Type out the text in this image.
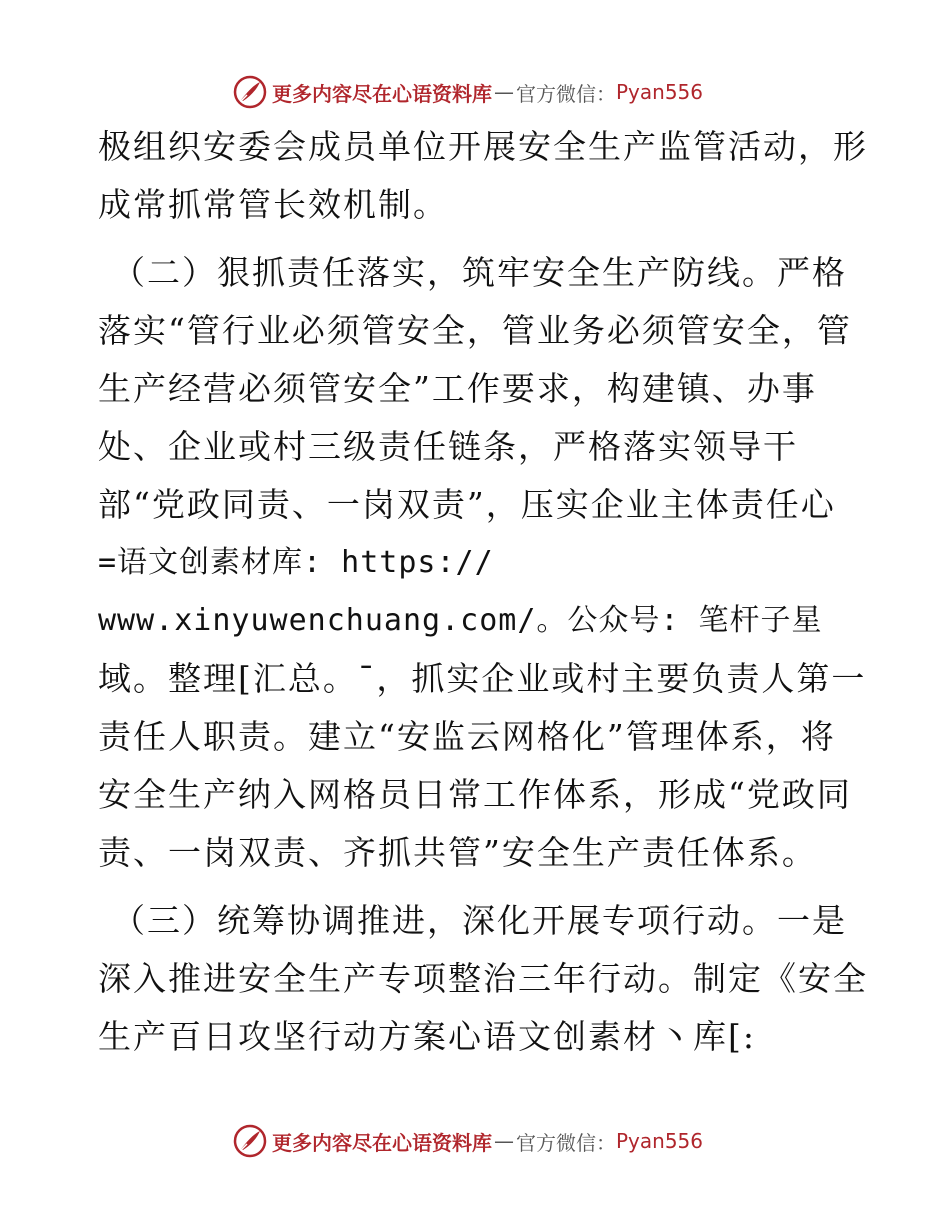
更多内容尽在心语资料库 — 官方微信： Pyan556
极组织安委会成员单位开展安全生产监管活动，形
成常抓常管长效机制。
（二）狠抓责任落实，筑牢安全生产防线。严格
落实“管行业必须管安全，管业务必须管安全，管
生产经营必须管安全”工作要求，构建镇、办事
处、企业或村三级责任链条，严格落实领导干
部“党政同责、一岗双责”，压实企业主体责任心
=语文创素材库: https://
www.xinyuwenchuang.com/。公众号: 笔杆子星
域。整理[汇总。¯，抓实企业或村主要负责人第一
责任人职责。建立“安监云网格化”管理体系，将
安全生产纳入网格员日常工作体系，形成“党政同
责、一岗双责、齐抓共管”安全生产责任体系。
（三）统筹协调推进，深化开展专项行动。一是
深入推进安全生产专项整治三年行动。制定《安全
生产百日攻坚行动方案心语文创素材丶库[:
更多内容尽在心语资料库 — 官方微信： Pyan556
